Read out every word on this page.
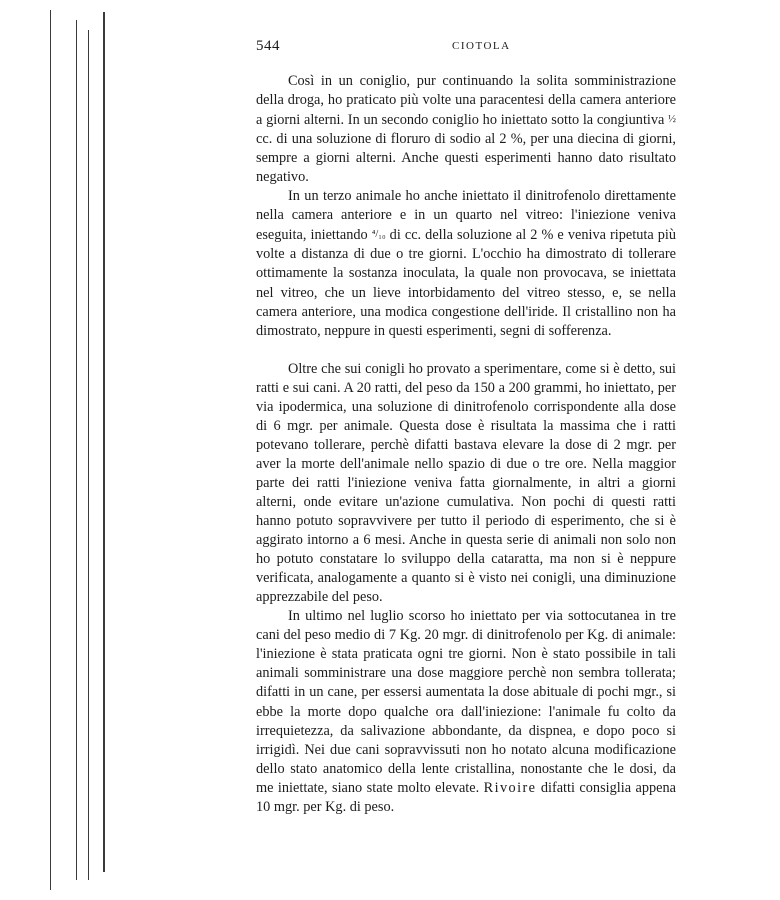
544	CIOTOLA

Così in un coniglio, pur continuando la solita somministrazione della droga, ho praticato più volte una paracentesi della camera anteriore a giorni alterni. In un secondo coniglio ho iniettato sotto la congiuntiva ½ cc. di una soluzione di floruro di sodio al 2 %, per una diecina di giorni, sempre a giorni alterni. Anche questi esperimenti hanno dato risultato negativo.

In un terzo animale ho anche iniettato il dinitrofenolo direttamente nella camera anteriore e in un quarto nel vitreo: l'iniezione veniva eseguita, iniettando ⁴/₁₀ di cc. della soluzione al 2 % e veniva ripetuta più volte a distanza di due o tre giorni. L'occhio ha dimostrato di tollerare ottimamente la sostanza inoculata, la quale non provocava, se iniettata nel vitreo, che un lieve intorbidamento del vitreo stesso, e, se nella camera anteriore, una modica congestione dell'iride. Il cristallino non ha dimostrato, neppure in questi esperimenti, segni di sofferenza.

Oltre che sui conigli ho provato a sperimentare, come si è detto, sui ratti e sui cani. A 20 ratti, del peso da 150 a 200 grammi, ho iniettato, per via ipodermica, una soluzione di dinitrofenolo corrispondente alla dose di 6 mgr. per animale. Questa dose è risultata la massima che i ratti potevano tollerare, perchè difatti bastava elevare la dose di 2 mgr. per aver la morte dell'animale nello spazio di due o tre ore. Nella maggior parte dei ratti l'iniezione veniva fatta giornalmente, in altri a giorni alterni, onde evitare un'azione cumulativa. Non pochi di questi ratti hanno potuto sopravvivere per tutto il periodo di esperimento, che si è aggirato intorno a 6 mesi. Anche in questa serie di animali non solo non ho potuto constatare lo sviluppo della cataratta, ma non si è neppure verificata, analogamente a quanto si è visto nei conigli, una diminuzione apprezzabile del peso.

In ultimo nel luglio scorso ho iniettato per via sottocutanea in tre cani del peso medio di 7 Kg. 20 mgr. di dinitrofenolo per Kg. di animale: l'iniezione è stata praticata ogni tre giorni. Non è stato possibile in tali animali somministrare una dose maggiore perchè non sembra tollerata; difatti in un cane, per essersi aumentata la dose abituale di pochi mgr., si ebbe la morte dopo qualche ora dall'iniezione: l'animale fu colto da irrequietezza, da salivazione abbondante, da dispnea, e dopo poco si irrigidì. Nei due cani sopravvissuti non ho notato alcuna modificazione dello stato anatomico della lente cristallina, nonostante che le dosi, da me iniettate, siano state molto elevate. Rivoire difatti consiglia appena 10 mgr. per Kg. di peso.
